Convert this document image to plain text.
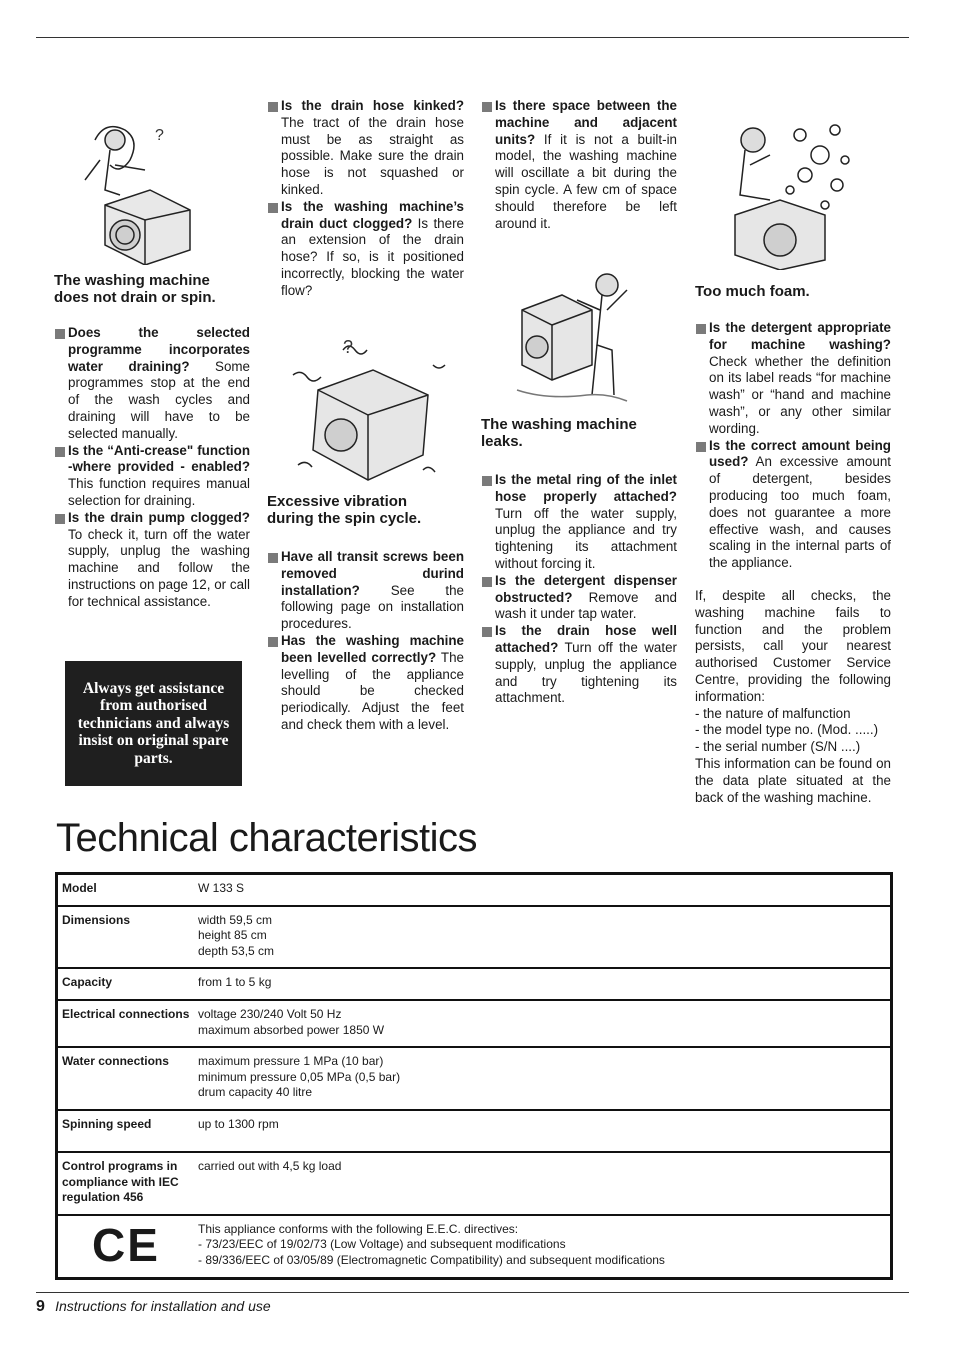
?
?
The washing machine
does not drain or spin.

Does the selected programme incorporates water draining? Some programmes stop at the end of the wash cycles and draining will have to be selected manually.

Is the “Anti-crease" function -where provided - enabled? This function requires manual selection for draining.

Is the drain pump clogged? To check it, turn off the water supply, unplug the washing machine and follow the instructions on page 12, or call for technical assistance.

Always get assistance from authorised technicians and always insist on original spare parts.

Is the drain hose kinked? The tract of the drain hose must be as straight as possible. Make sure the drain hose is not squashed or kinked.

Is the washing machine’s drain duct clogged? Is there an extension of the drain hose? If so, is it positioned incorrectly, blocking the water flow?

Excessive vibration
during the spin cycle.

Have all transit screws been removed durind installation? See the following page on installation procedures.

Has the washing machine been levelled correctly? The levelling of the appliance should be checked periodically. Adjust the feet and check them with a level.

Is there space between the machine and adjacent units? If it is not a built-in model, the washing machine will oscillate a bit during the spin cycle. A few cm of space should therefore be left around it.

The washing machine
leaks.

Is the metal ring of the inlet hose properly attached? Turn off the water supply, unplug the appliance and try tightening its attachment without forcing it.

Is the detergent dispenser obstructed? Remove and wash it under tap water.

Is the drain hose well attached? Turn off the water supply, unplug the appliance and try tightening its attachment.

Too much foam.

Is the detergent appropriate for machine washing? Check whether the definition on its label reads “for machine wash” or “hand and machine wash”, or any other similar wording.

Is the correct amount being used? An excessive amount of detergent, besides producing too much foam, does not guarantee a more effective wash, and causes scaling in the internal parts of the appliance.

If, despite all checks, the washing machine fails to function and the problem persists, call your nearest authorised Customer Service Centre, providing the following information:

- the nature of malfunction

- the model type no. (Mod. .....)

- the serial number (S/N ....)

This information can be found on the data plate situated at the back of the washing machine.

Technical characteristics
Model	W 133 S

Dimensions	width 59,5 cm
height 85 cm
depth 53,5 cm

Capacity	from 1 to 5 kg

Electrical connections	voltage 230/240 Volt 50 Hz
maximum absorbed power 1850 W

Water connections	maximum pressure 1 MPa (10 bar)
minimum pressure 0,05 MPa (0,5 bar)
drum capacity 40 litre

Spinning speed	up to 1300 rpm

Control programs in compliance with IEC regulation 456	carried out with 4,5 kg load

CE	This appliance conforms with the following E.E.C. directives:
- 73/23/EEC of 19/02/73 (Low Voltage) and subsequent modifications
- 89/336/EEC of 03/05/89 (Electromagnetic Compatibility) and subsequent modifications
9 Instructions for installation and use
